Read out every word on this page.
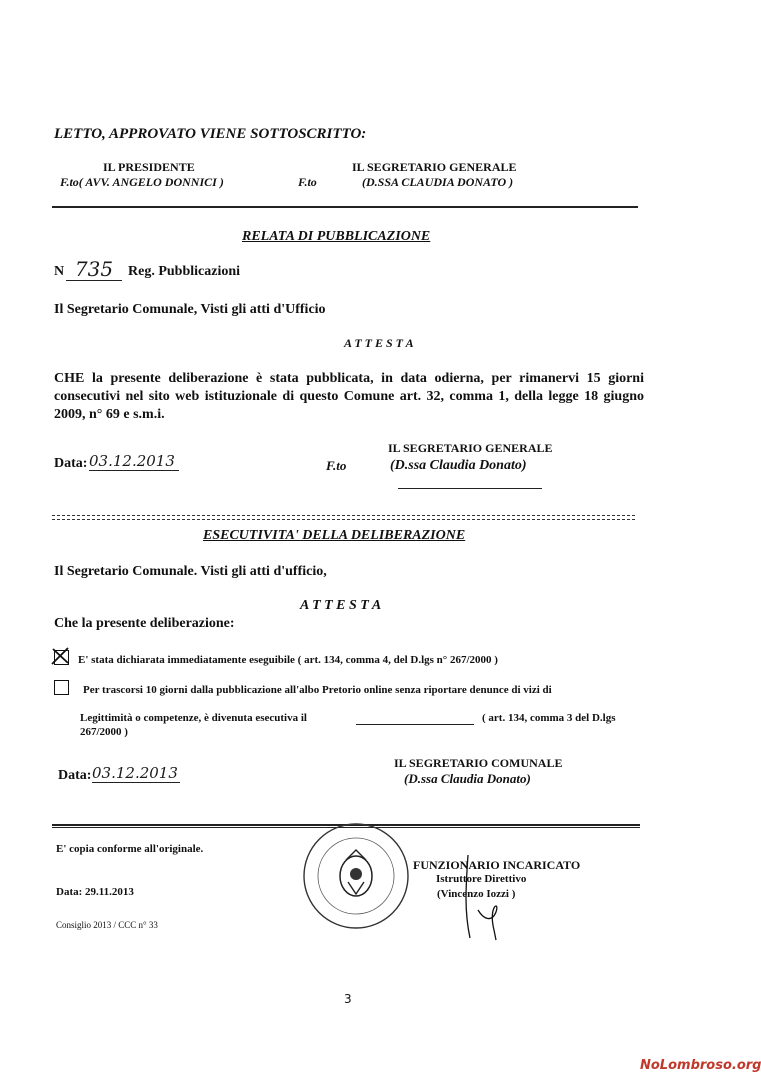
LETTO, APPROVATO VIENE SOTTOSCRITTO:
IL PRESIDENTE
F.to( AVV. ANGELO DONNICI )	F.to
IL SEGRETARIO GENERALE
(D.SSA CLAUDIA DONATO )
RELATA DI PUBBLICAZIONE
N 735	Reg. Pubblicazioni
Il Segretario Comunale, Visti gli atti d'Ufficio
A T T E S T A
CHE la presente deliberazione è stata pubblicata, in data odierna, per rimanervi 15 giorni consecutivi nel sito web istituzionale di questo Comune art. 32, comma 1, della legge 18 giugno 2009, n° 69 e s.m.i.
IL SEGRETARIO GENERALE
Data: 03.12.2013	F.to	(D.ssa Claudia Donato)
ESECUTIVITA' DELLA DELIBERAZIONE
Il Segretario Comunale. Visti gli atti d'ufficio,
A T T E S T A
Che la presente deliberazione:
E' stata dichiarata immediatamente eseguibile ( art. 134, comma 4, del D.lgs n° 267/2000 )
Per trascorsi 10 giorni dalla pubblicazione all'albo Pretorio online senza riportare denunce di vizi di
Legittimità o competenze, è divenuta esecutiva il	( art. 134, comma 3 del D.lgs
267/2000 )
IL SEGRETARIO COMUNALE
Data: 03.12.2013	(D.ssa Claudia Donato)
E' copia conforme all'originale.
Data: 29.11.2013
Consiglio 2013 / CCC n° 33
FUNZIONARIO INCARICATO
Istruttore Direttivo
(Vincenzo Iozzi )
3
NoLombroso.org
